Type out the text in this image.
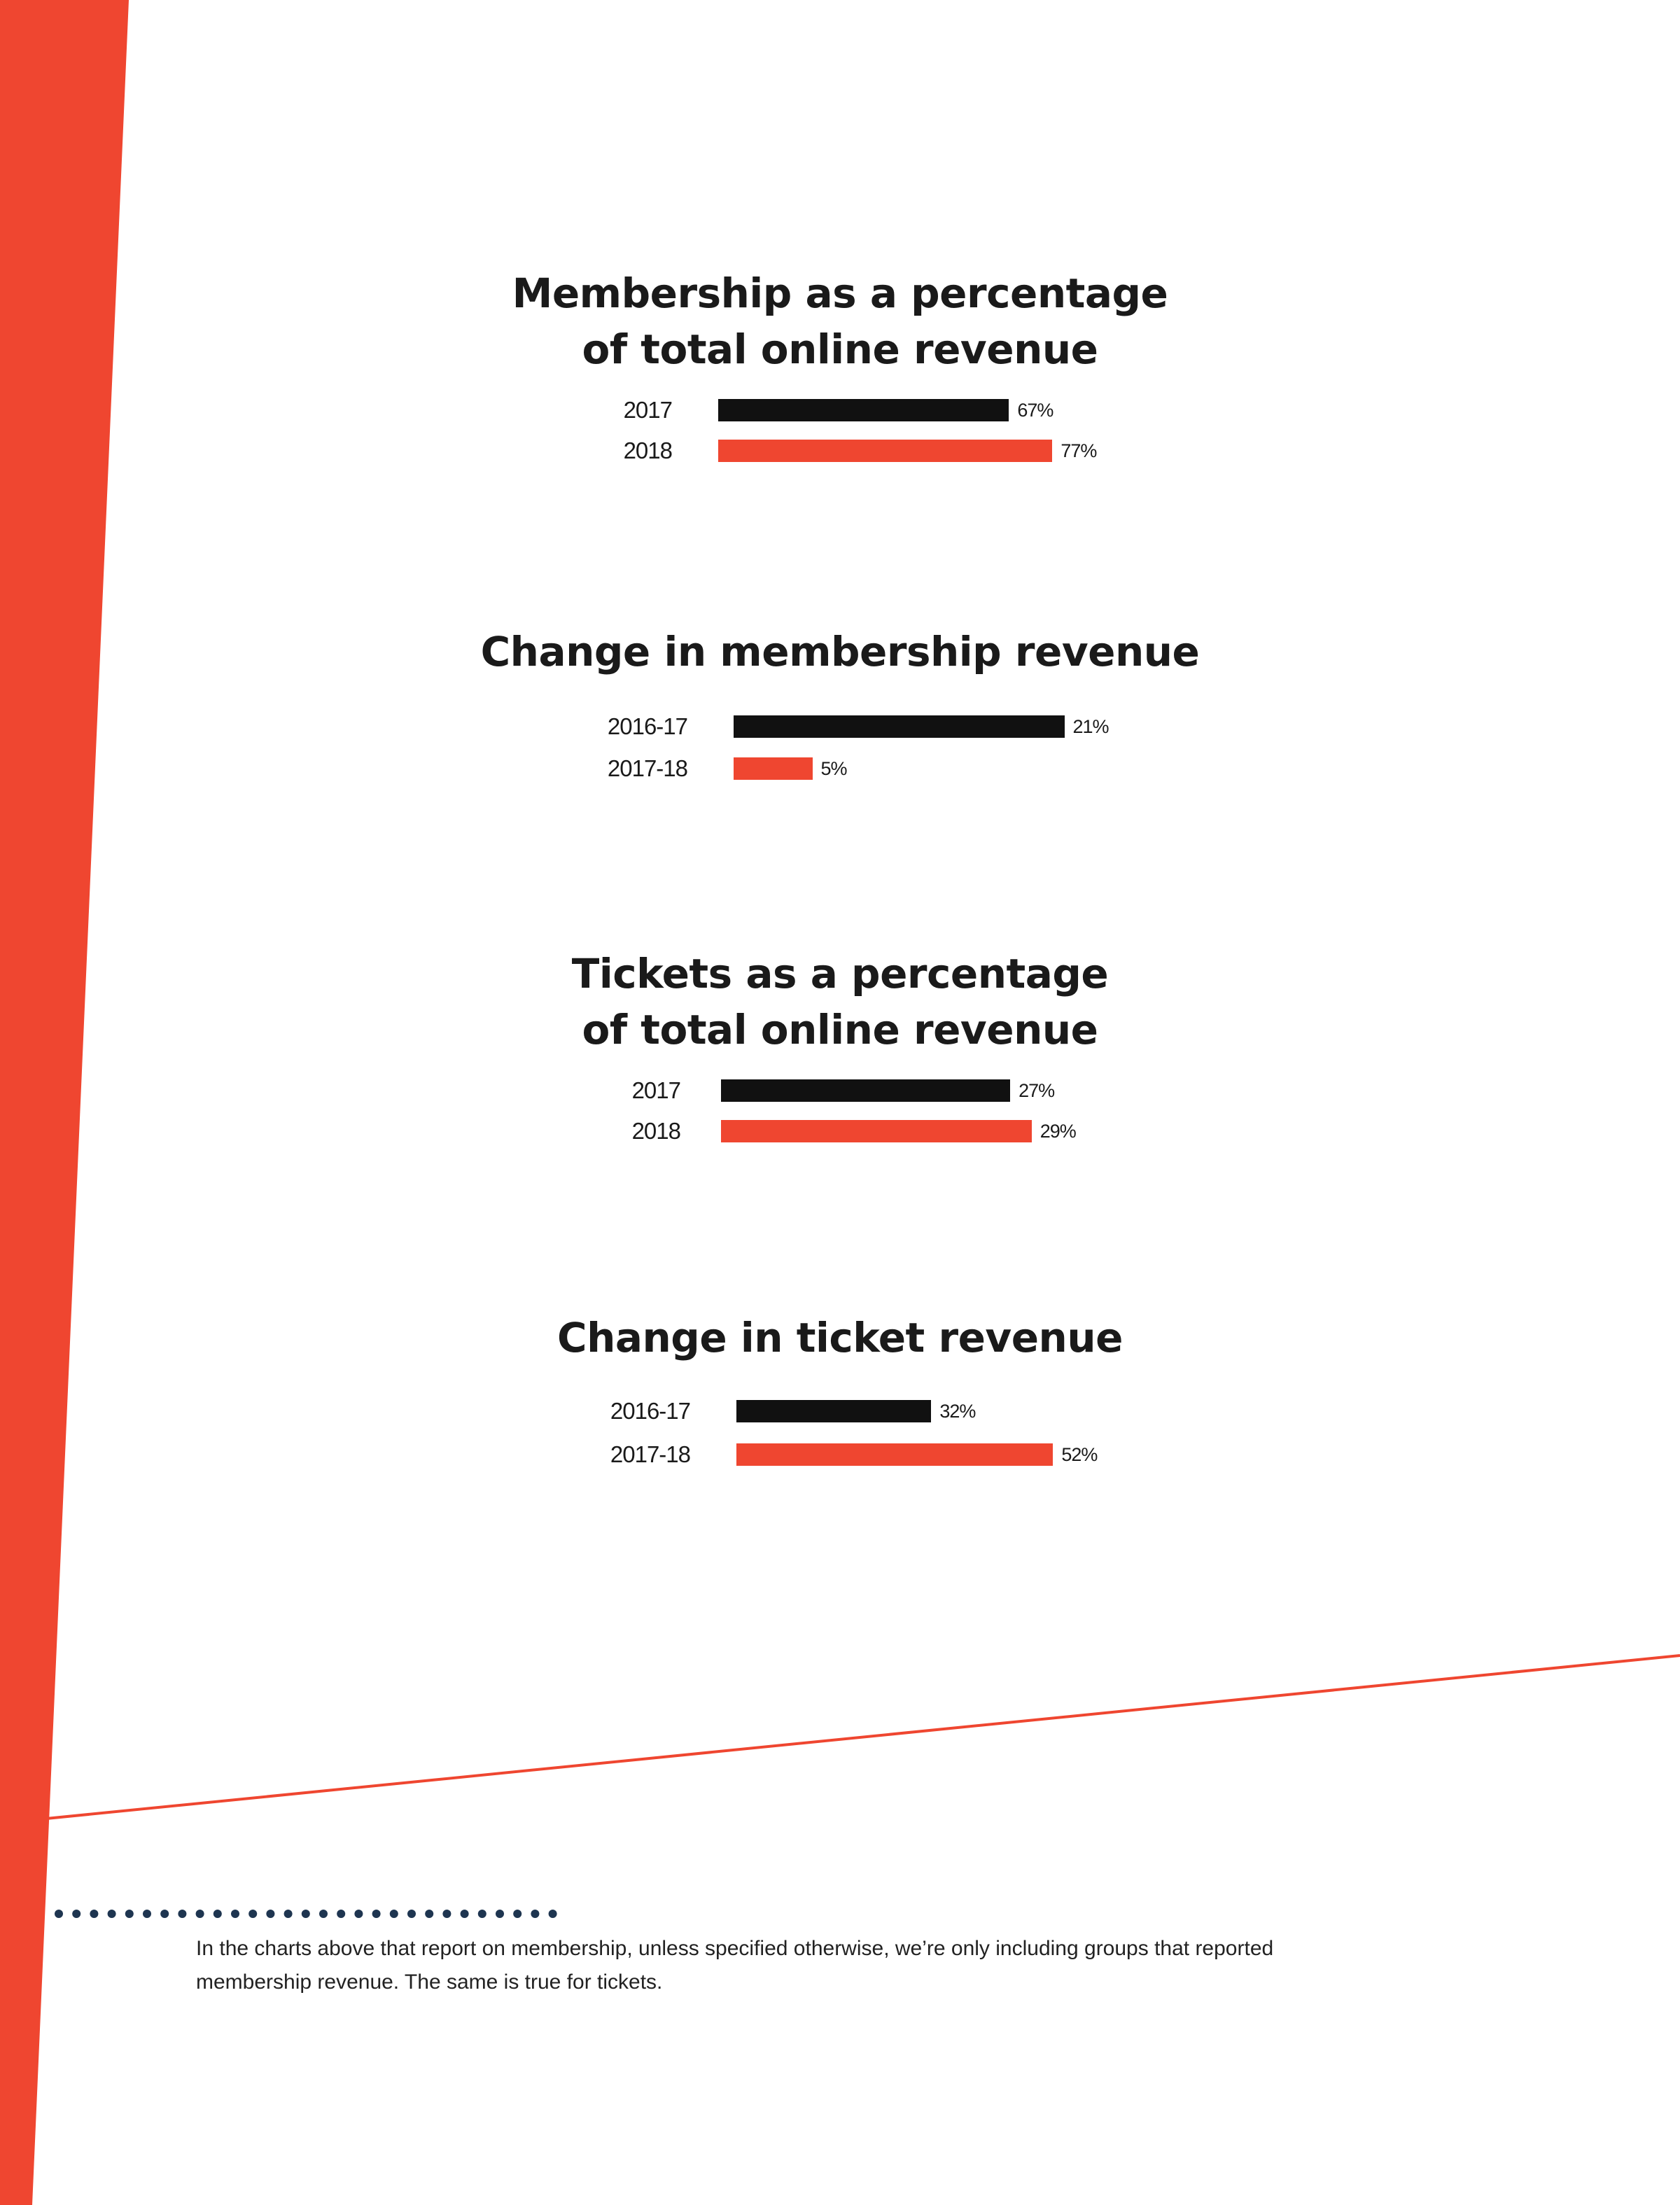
Membership as a percentage
of total online revenue
2017	67%
2018	77%
Change in membership revenue
2016-17	21%
2017-18	5%
Tickets as a percentage
of total online revenue
2017	27%
2018	29%
Change in ticket revenue
2016-17	32%
2017-18	52%

In the charts above that report on membership, unless specified otherwise, we’re only including groups that reported
membership revenue. The same is true for tickets.
